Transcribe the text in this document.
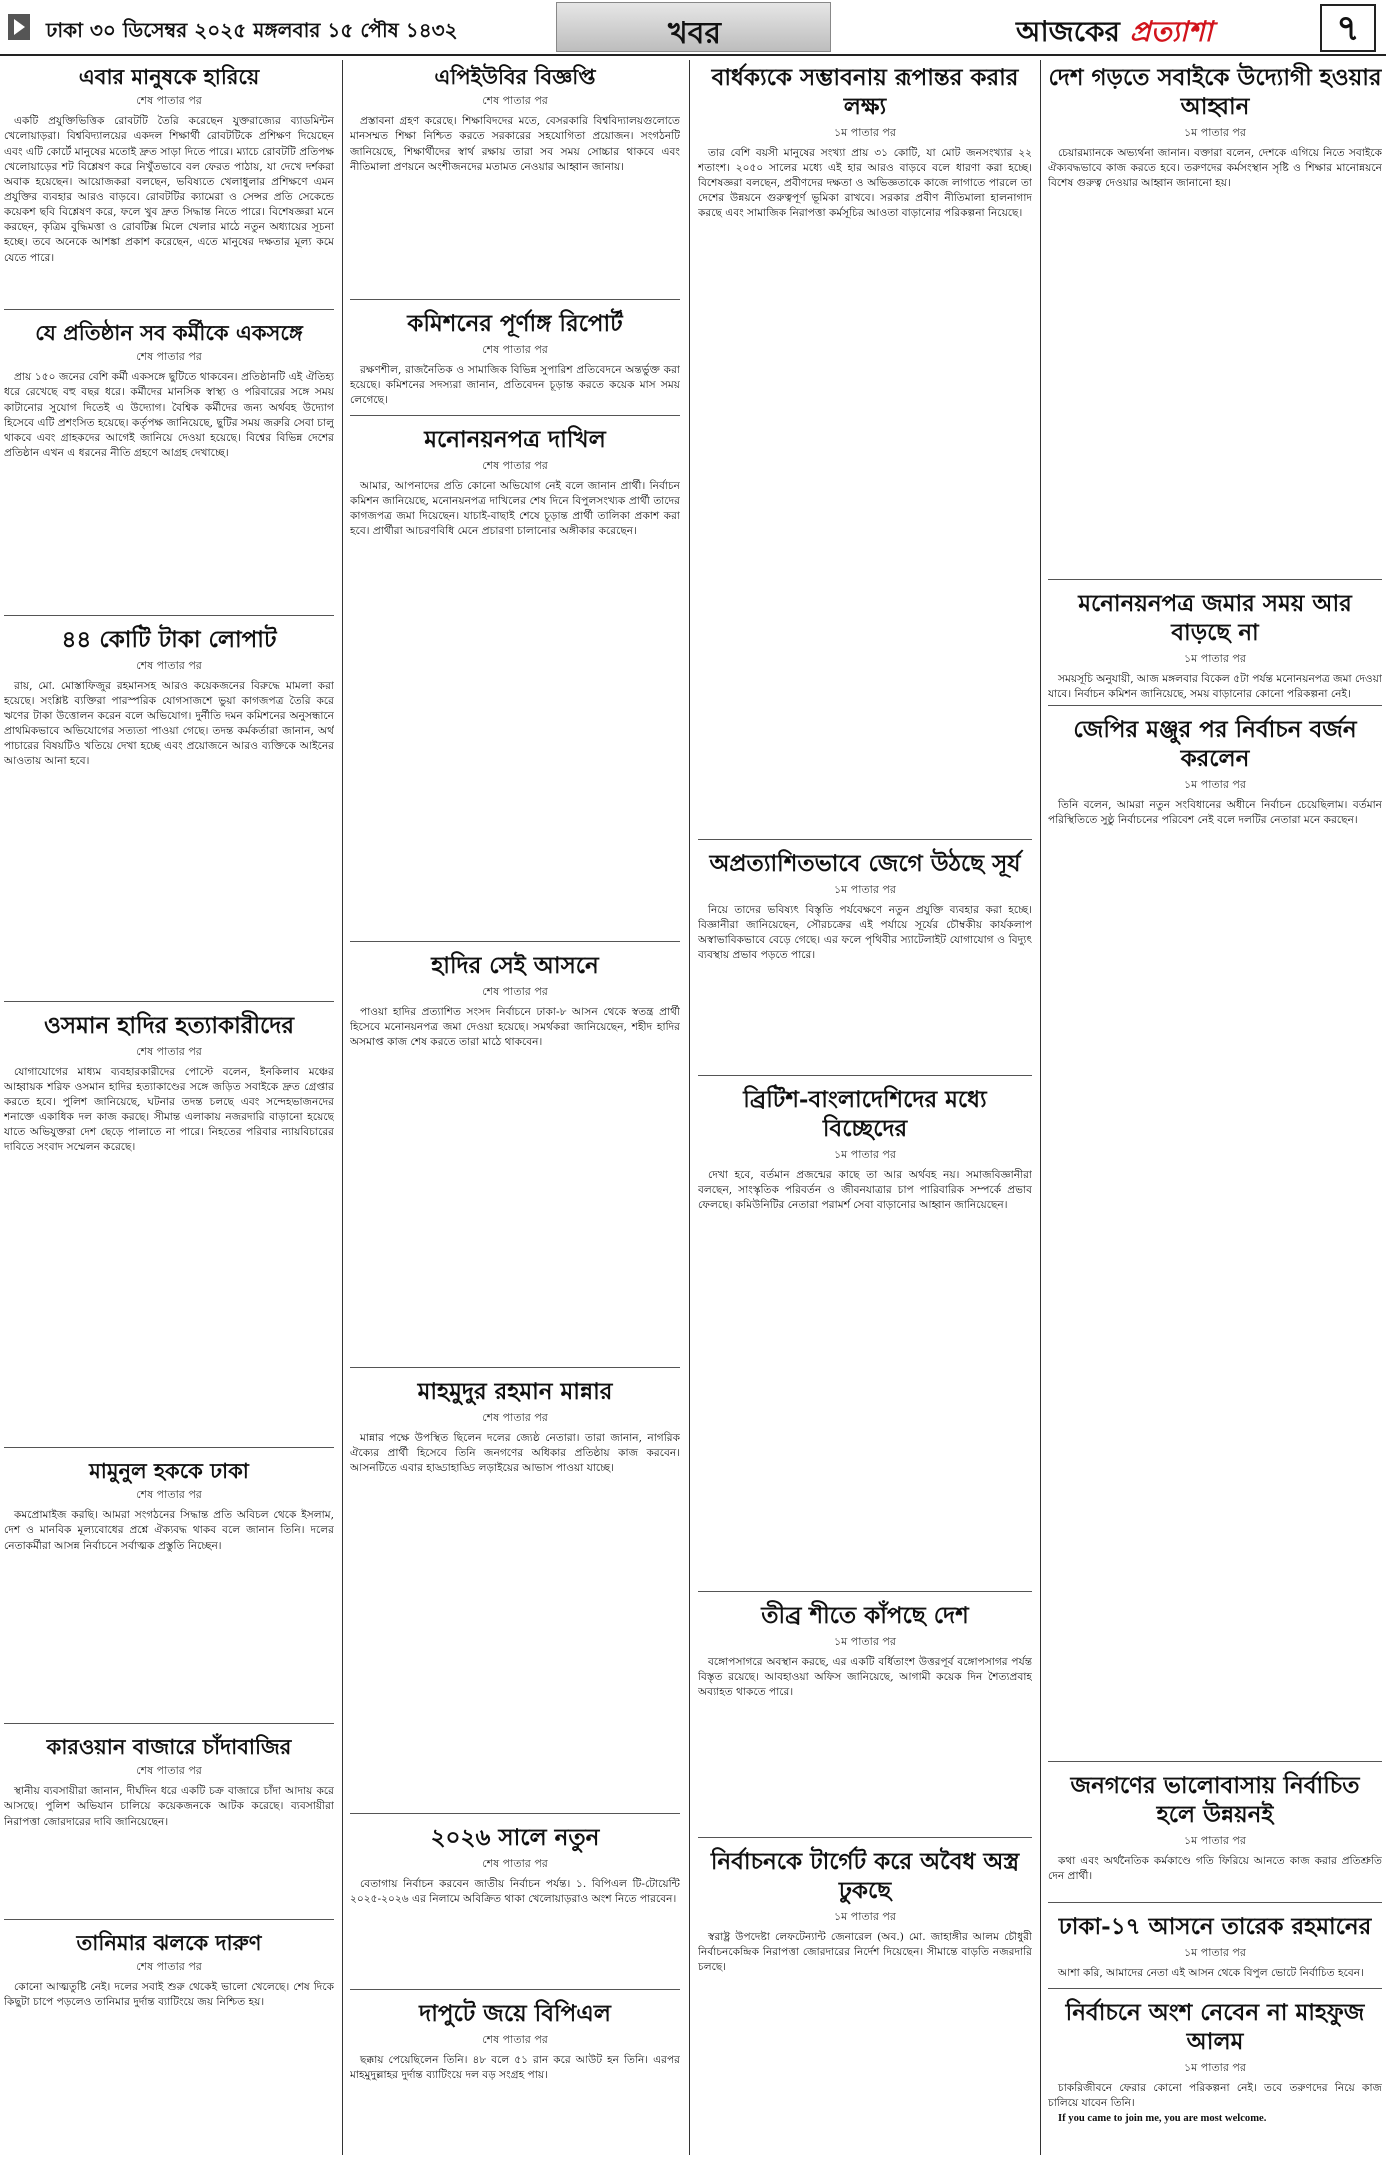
ঢাকা ৩০ ডিসেম্বর ২০২৫ মঙ্গলবার ১৫ পৌষ ১৪৩২	খবর	আজকের প্রত্যাশা	৭
এবার মানুষকে হারিয়ে
শেষ পাতার পর

একটি প্রযুক্তিভিত্তিক রোবটটি তৈরি করেছেন যুক্তরাজ্যের ব্যাডমিন্টন খেলোয়াড়রা। বিশ্ববিদ্যালয়ের একদল শিক্ষার্থী রোবটটিকে প্রশিক্ষণ দিয়েছেন এবং এটি কোর্টে মানুষের মতোই দ্রুত সাড়া দিতে পারে। ম্যাচে রোবটটি প্রতিপক্ষ খেলোয়াড়ের শট বিশ্লেষণ করে নিখুঁতভাবে বল ফেরত পাঠায়, যা দেখে দর্শকরা অবাক হয়েছেন। আয়োজকরা বলছেন, ভবিষ্যতে খেলাধুলার প্রশিক্ষণে এমন প্রযুক্তির ব্যবহার আরও বাড়বে। রোবটটির ক্যামেরা ও সেন্সর প্রতি সেকেন্ডে কয়েকশ ছবি বিশ্লেষণ করে, ফলে খুব দ্রুত সিদ্ধান্ত নিতে পারে। বিশেষজ্ঞরা মনে করছেন, কৃত্রিম বুদ্ধিমত্তা ও রোবটিক্স মিলে খেলার মাঠে নতুন অধ্যায়ের সূচনা হচ্ছে। তবে অনেকে আশঙ্কা প্রকাশ করেছেন, এতে মানুষের দক্ষতার মূল্য কমে যেতে পারে।

যে প্রতিষ্ঠান সব কর্মীকে একসঙ্গে
শেষ পাতার পর

প্রায় ১৫০ জনের বেশি কর্মী একসঙ্গে ছুটিতে থাকবেন। প্রতিষ্ঠানটি এই ঐতিহ্য ধরে রেখেছে বহু বছর ধরে। কর্মীদের মানসিক স্বাস্থ্য ও পরিবারের সঙ্গে সময় কাটানোর সুযোগ দিতেই এ উদ্যোগ। বৈশ্বিক কর্মীদের জন্য অর্থবহ উদ্যোগ হিসেবে এটি প্রশংসিত হয়েছে। কর্তৃপক্ষ জানিয়েছে, ছুটির সময় জরুরি সেবা চালু থাকবে এবং গ্রাহকদের আগেই জানিয়ে দেওয়া হয়েছে। বিশ্বের বিভিন্ন দেশের প্রতিষ্ঠান এখন এ ধরনের নীতি গ্রহণে আগ্রহ দেখাচ্ছে।

৪৪ কোটি টাকা লোপাট
শেষ পাতার পর

রায়, মো. মোস্তাফিজুর রহমানসহ আরও কয়েকজনের বিরুদ্ধে মামলা করা হয়েছে। সংশ্লিষ্ট ব্যক্তিরা পারস্পরিক যোগসাজশে ভুয়া কাগজপত্র তৈরি করে ঋণের টাকা উত্তোলন করেন বলে অভিযোগ। দুর্নীতি দমন কমিশনের অনুসন্ধানে প্রাথমিকভাবে অভিযোগের সত্যতা পাওয়া গেছে। তদন্ত কর্মকর্তারা জানান, অর্থ পাচারের বিষয়টিও খতিয়ে দেখা হচ্ছে এবং প্রয়োজনে আরও ব্যক্তিকে আইনের আওতায় আনা হবে।

ওসমান হাদির হত্যাকারীদের
শেষ পাতার পর

যোগাযোগের মাধ্যম ব্যবহারকারীদের পোস্টে বলেন, ইনকিলাব মঞ্চের আহ্বায়ক শরিফ ওসমান হাদির হত্যাকাণ্ডের সঙ্গে জড়িত সবাইকে দ্রুত গ্রেপ্তার করতে হবে। পুলিশ জানিয়েছে, ঘটনার তদন্ত চলছে এবং সন্দেহভাজনদের শনাক্তে একাধিক দল কাজ করছে। সীমান্ত এলাকায় নজরদারি বাড়ানো হয়েছে যাতে অভিযুক্তরা দেশ ছেড়ে পালাতে না পারে। নিহতের পরিবার ন্যায়বিচারের দাবিতে সংবাদ সম্মেলন করেছে।

মামুনুল হককে ঢাকা
শেষ পাতার পর

কমপ্রোমাইজ করছি। আমরা সংগঠনের সিদ্ধান্ত প্রতি অবিচল থেকে ইসলাম, দেশ ও মানবিক মূল্যবোধের প্রশ্নে ঐক্যবদ্ধ থাকব বলে জানান তিনি। দলের নেতাকর্মীরা আসন্ন নির্বাচনে সর্বাত্মক প্রস্তুতি নিচ্ছেন।

কারওয়ান বাজারে চাঁদাবাজির
শেষ পাতার পর

স্থানীয় ব্যবসায়ীরা জানান, দীর্ঘদিন ধরে একটি চক্র বাজারে চাঁদা আদায় করে আসছে। পুলিশ অভিযান চালিয়ে কয়েকজনকে আটক করেছে। ব্যবসায়ীরা নিরাপত্তা জোরদারের দাবি জানিয়েছেন।

তানিমার ঝলকে দারুণ
শেষ পাতার পর

কোনো আত্মতুষ্টি নেই। দলের সবাই শুরু থেকেই ভালো খেলেছে। শেষ দিকে কিছুটা চাপে পড়লেও তানিমার দুর্দান্ত ব্যাটিংয়ে জয় নিশ্চিত হয়।

এপিইউবির বিজ্ঞপ্তি
শেষ পাতার পর

প্রস্তাবনা গ্রহণ করেছে। শিক্ষাবিদদের মতে, বেসরকারি বিশ্ববিদ্যালয়গুলোতে মানসম্মত শিক্ষা নিশ্চিত করতে সরকারের সহযোগিতা প্রয়োজন। সংগঠনটি জানিয়েছে, শিক্ষার্থীদের স্বার্থ রক্ষায় তারা সব সময় সোচ্চার থাকবে এবং নীতিমালা প্রণয়নে অংশীজনদের মতামত নেওয়ার আহ্বান জানায়।

কমিশনের পূর্ণাঙ্গ রিপোর্ট
শেষ পাতার পর

রক্ষণশীল, রাজনৈতিক ও সামাজিক বিভিন্ন সুপারিশ প্রতিবেদনে অন্তর্ভুক্ত করা হয়েছে। কমিশনের সদস্যরা জানান, প্রতিবেদন চূড়ান্ত করতে কয়েক মাস সময় লেগেছে।

মনোনয়নপত্র দাখিল
শেষ পাতার পর

আমার, আপনাদের প্রতি কোনো অভিযোগ নেই বলে জানান প্রার্থী। নির্বাচন কমিশন জানিয়েছে, মনোনয়নপত্র দাখিলের শেষ দিনে বিপুলসংখ্যক প্রার্থী তাদের কাগজপত্র জমা দিয়েছেন। যাচাই-বাছাই শেষে চূড়ান্ত প্রার্থী তালিকা প্রকাশ করা হবে। প্রার্থীরা আচরণবিধি মেনে প্রচারণা চালানোর অঙ্গীকার করেছেন।

হাদির সেই আসনে
শেষ পাতার পর

পাওয়া হাদির প্রত্যাশিত সংসদ নির্বাচনে ঢাকা-৮ আসন থেকে স্বতন্ত্র প্রার্থী হিসেবে মনোনয়নপত্র জমা দেওয়া হয়েছে। সমর্থকরা জানিয়েছেন, শহীদ হাদির অসমাপ্ত কাজ শেষ করতে তারা মাঠে থাকবেন।

মাহমুদুর রহমান মান্নার
শেষ পাতার পর

মান্নার পক্ষে উপস্থিত ছিলেন দলের জ্যেষ্ঠ নেতারা। তারা জানান, নাগরিক ঐক্যের প্রার্থী হিসেবে তিনি জনগণের অধিকার প্রতিষ্ঠায় কাজ করবেন। আসনটিতে এবার হাড্ডাহাড্ডি লড়াইয়ের আভাস পাওয়া যাচ্ছে।

২০২৬ সালে নতুন
শেষ পাতার পর

বেতাগায় নির্বাচন করবেন জাতীয় নির্বাচন পর্যন্ত। ১. বিপিএল টি-টোয়েন্টি ২০২৫-২০২৬ এর নিলামে অবিক্রিত থাকা খেলোয়াড়রাও অংশ নিতে পারবেন।

দাপুটে জয়ে বিপিএল
শেষ পাতার পর

ছক্কায় পেয়েছিলেন তিনি। ৪৮ বলে ৫১ রান করে আউট হন তিনি। এরপর মাহমুদুল্লাহর দুর্দান্ত ব্যাটিংয়ে দল বড় সংগ্রহ পায়।

বার্ধক্যকে সম্ভাবনায় রূপান্তর করার লক্ষ্য
১ম পাতার পর

তার বেশি বয়সী মানুষের সংখ্যা প্রায় ৩১ কোটি, যা মোট জনসংখ্যার ২২ শতাংশ। ২০৫০ সালের মধ্যে এই হার আরও বাড়বে বলে ধারণা করা হচ্ছে। বিশেষজ্ঞরা বলছেন, প্রবীণদের দক্ষতা ও অভিজ্ঞতাকে কাজে লাগাতে পারলে তা দেশের উন্নয়নে গুরুত্বপূর্ণ ভূমিকা রাখবে। সরকার প্রবীণ নীতিমালা হালনাগাদ করছে এবং সামাজিক নিরাপত্তা কর্মসূচির আওতা বাড়ানোর পরিকল্পনা নিয়েছে।

অপ্রত্যাশিতভাবে জেগে উঠছে সূর্য
১ম পাতার পর

নিয়ে তাদের ভবিষ্যৎ বিস্তৃতি পর্যবেক্ষণে নতুন প্রযুক্তি ব্যবহার করা হচ্ছে। বিজ্ঞানীরা জানিয়েছেন, সৌরচক্রের এই পর্যায়ে সূর্যের চৌম্বকীয় কার্যকলাপ অস্বাভাবিকভাবে বেড়ে গেছে। এর ফলে পৃথিবীর স্যাটেলাইট যোগাযোগ ও বিদ্যুৎ ব্যবস্থায় প্রভাব পড়তে পারে।

ব্রিটিশ-বাংলাদেশিদের মধ্যে বিচ্ছেদের
১ম পাতার পর

দেখা হবে, বর্তমান প্রজন্মের কাছে তা আর অর্থবহ নয়। সমাজবিজ্ঞানীরা বলছেন, সাংস্কৃতিক পরিবর্তন ও জীবনযাত্রার চাপ পারিবারিক সম্পর্কে প্রভাব ফেলছে। কমিউনিটির নেতারা পরামর্শ সেবা বাড়ানোর আহ্বান জানিয়েছেন।

তীব্র শীতে কাঁপছে দেশ
১ম পাতার পর

বঙ্গোপসাগরে অবস্থান করছে, এর একটি বর্ধিতাংশ উত্তরপূর্ব বঙ্গোপসাগর পর্যন্ত বিস্তৃত রয়েছে। আবহাওয়া অফিস জানিয়েছে, আগামী কয়েক দিন শৈত্যপ্রবাহ অব্যাহত থাকতে পারে।

নির্বাচনকে টার্গেট করে অবৈধ অস্ত্র ঢুকছে
১ম পাতার পর

স্বরাষ্ট্র উপদেষ্টা লেফটেন্যান্ট জেনারেল (অব.) মো. জাহাঙ্গীর আলম চৌধুরী নির্বাচনকেন্দ্রিক নিরাপত্তা জোরদারের নির্দেশ দিয়েছেন। সীমান্তে বাড়তি নজরদারি চলছে।

দেশ গড়তে সবাইকে উদ্যোগী হওয়ার আহ্বান
১ম পাতার পর

চেয়ারম্যানকে অভ্যর্থনা জানান। বক্তারা বলেন, দেশকে এগিয়ে নিতে সবাইকে ঐক্যবদ্ধভাবে কাজ করতে হবে। তরুণদের কর্মসংস্থান সৃষ্টি ও শিক্ষার মানোন্নয়নে বিশেষ গুরুত্ব দেওয়ার আহ্বান জানানো হয়।

মনোনয়নপত্র জমার সময় আর বাড়ছে না
১ম পাতার পর

সময়সূচি অনুযায়ী, আজ মঙ্গলবার বিকেল ৫টা পর্যন্ত মনোনয়নপত্র জমা দেওয়া যাবে। নির্বাচন কমিশন জানিয়েছে, সময় বাড়ানোর কোনো পরিকল্পনা নেই।

জেপির মঞ্জুর পর নির্বাচন বর্জন করলেন
১ম পাতার পর

তিনি বলেন, আমরা নতুন সংবিধানের অধীনে নির্বাচন চেয়েছিলাম। বর্তমান পরিস্থিতিতে সুষ্ঠু নির্বাচনের পরিবেশ নেই বলে দলটির নেতারা মনে করছেন।

জনগণের ভালোবাসায় নির্বাচিত হলে উন্নয়নই
১ম পাতার পর

কথা এবং অর্থনৈতিক কর্মকাণ্ডে গতি ফিরিয়ে আনতে কাজ করার প্রতিশ্রুতি দেন প্রার্থী।

ঢাকা-১৭ আসনে তারেক রহমানের
১ম পাতার পর

আশা করি, আমাদের নেতা এই আসন থেকে বিপুল ভোটে নির্বাচিত হবেন।

নির্বাচনে অংশ নেবেন না মাহফুজ আলম
১ম পাতার পর

চাকরিজীবনে ফেরার কোনো পরিকল্পনা নেই। তবে তরুণদের নিয়ে কাজ চালিয়ে যাবেন তিনি।

If you came to join me, you are most welcome.
